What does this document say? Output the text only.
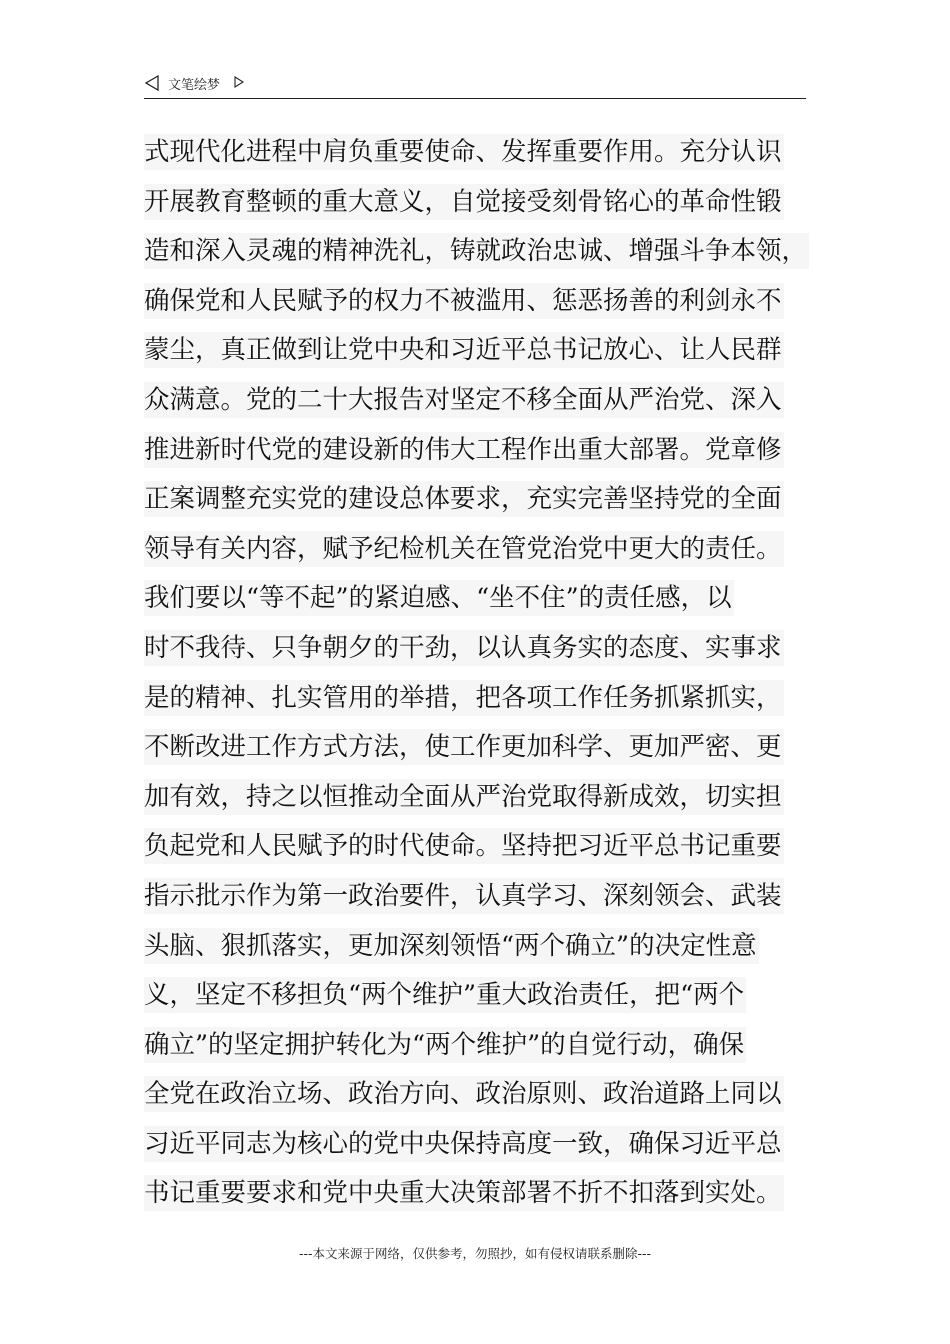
文笔绘梦
式现代化进程中肩负重要使命、发挥重要作用。充分认识
开展教育整顿的重大意义，自觉接受刻骨铭心的革命性锻
造和深入灵魂的精神洗礼，铸就政治忠诚、增强斗争本领，
确保党和人民赋予的权力不被滥用、惩恶扬善的利剑永不
蒙尘，真正做到让党中央和习近平总书记放心、让人民群
众满意。党的二十大报告对坚定不移全面从严治党、深入
推进新时代党的建设新的伟大工程作出重大部署。党章修
正案调整充实党的建设总体要求，充实完善坚持党的全面
领导有关内容，赋予纪检机关在管党治党中更大的责任。
我们要以“等不起”的紧迫感、“坐不住”的责任感，以
时不我待、只争朝夕的干劲，以认真务实的态度、实事求
是的精神、扎实管用的举措，把各项工作任务抓紧抓实，
不断改进工作方式方法，使工作更加科学、更加严密、更
加有效，持之以恒推动全面从严治党取得新成效，切实担
负起党和人民赋予的时代使命。坚持把习近平总书记重要
指示批示作为第一政治要件，认真学习、深刻领会、武装
头脑、狠抓落实，更加深刻领悟“两个确立”的决定性意
义，坚定不移担负“两个维护”重大政治责任，把“两个
确立”的坚定拥护转化为“两个维护”的自觉行动，确保
全党在政治立场、政治方向、政治原则、政治道路上同以
习近平同志为核心的党中央保持高度一致，确保习近平总
书记重要要求和党中央重大决策部署不折不扣落到实处。
---本文来源于网络，仅供参考，勿照抄，如有侵权请联系删除---
